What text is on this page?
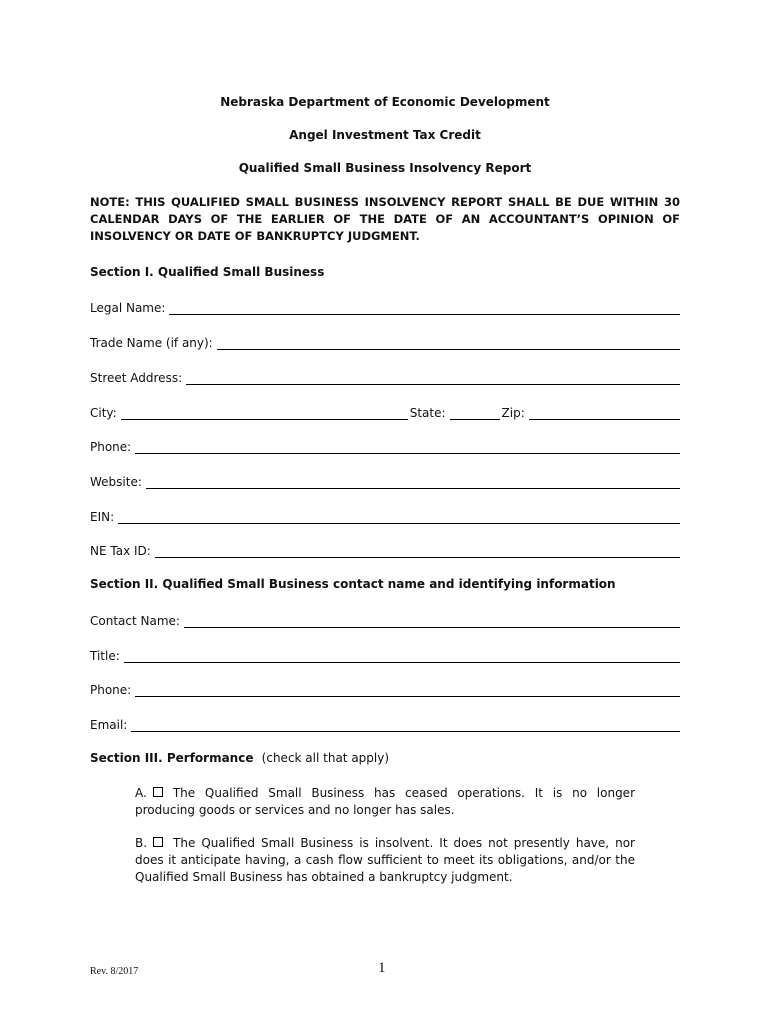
Nebraska Department of Economic Development
Angel Investment Tax Credit
Qualified Small Business Insolvency Report
NOTE: THIS QUALIFIED SMALL BUSINESS INSOLVENCY REPORT SHALL BE DUE WITHIN 30 CALENDAR DAYS OF THE EARLIER OF THE DATE OF AN ACCOUNTANT’S OPINION OF INSOLVENCY OR DATE OF BANKRUPTCY JUDGMENT.
Section I. Qualified Small Business
Legal Name:
Trade Name (if any):
Street Address:
City:	State:	Zip:
Phone:
Website:
EIN:
NE Tax ID:
Section II. Qualified Small Business contact name and identifying information
Contact Name:
Title:
Phone:
Email:
Section III. Performance (check all that apply)
A. The Qualified Small Business has ceased operations. It is no longer producing goods or services and no longer has sales.
B. The Qualified Small Business is insolvent. It does not presently have, nor does it anticipate having, a cash flow sufficient to meet its obligations, and/or the Qualified Small Business has obtained a bankruptcy judgment.
Rev. 8/2017	1
